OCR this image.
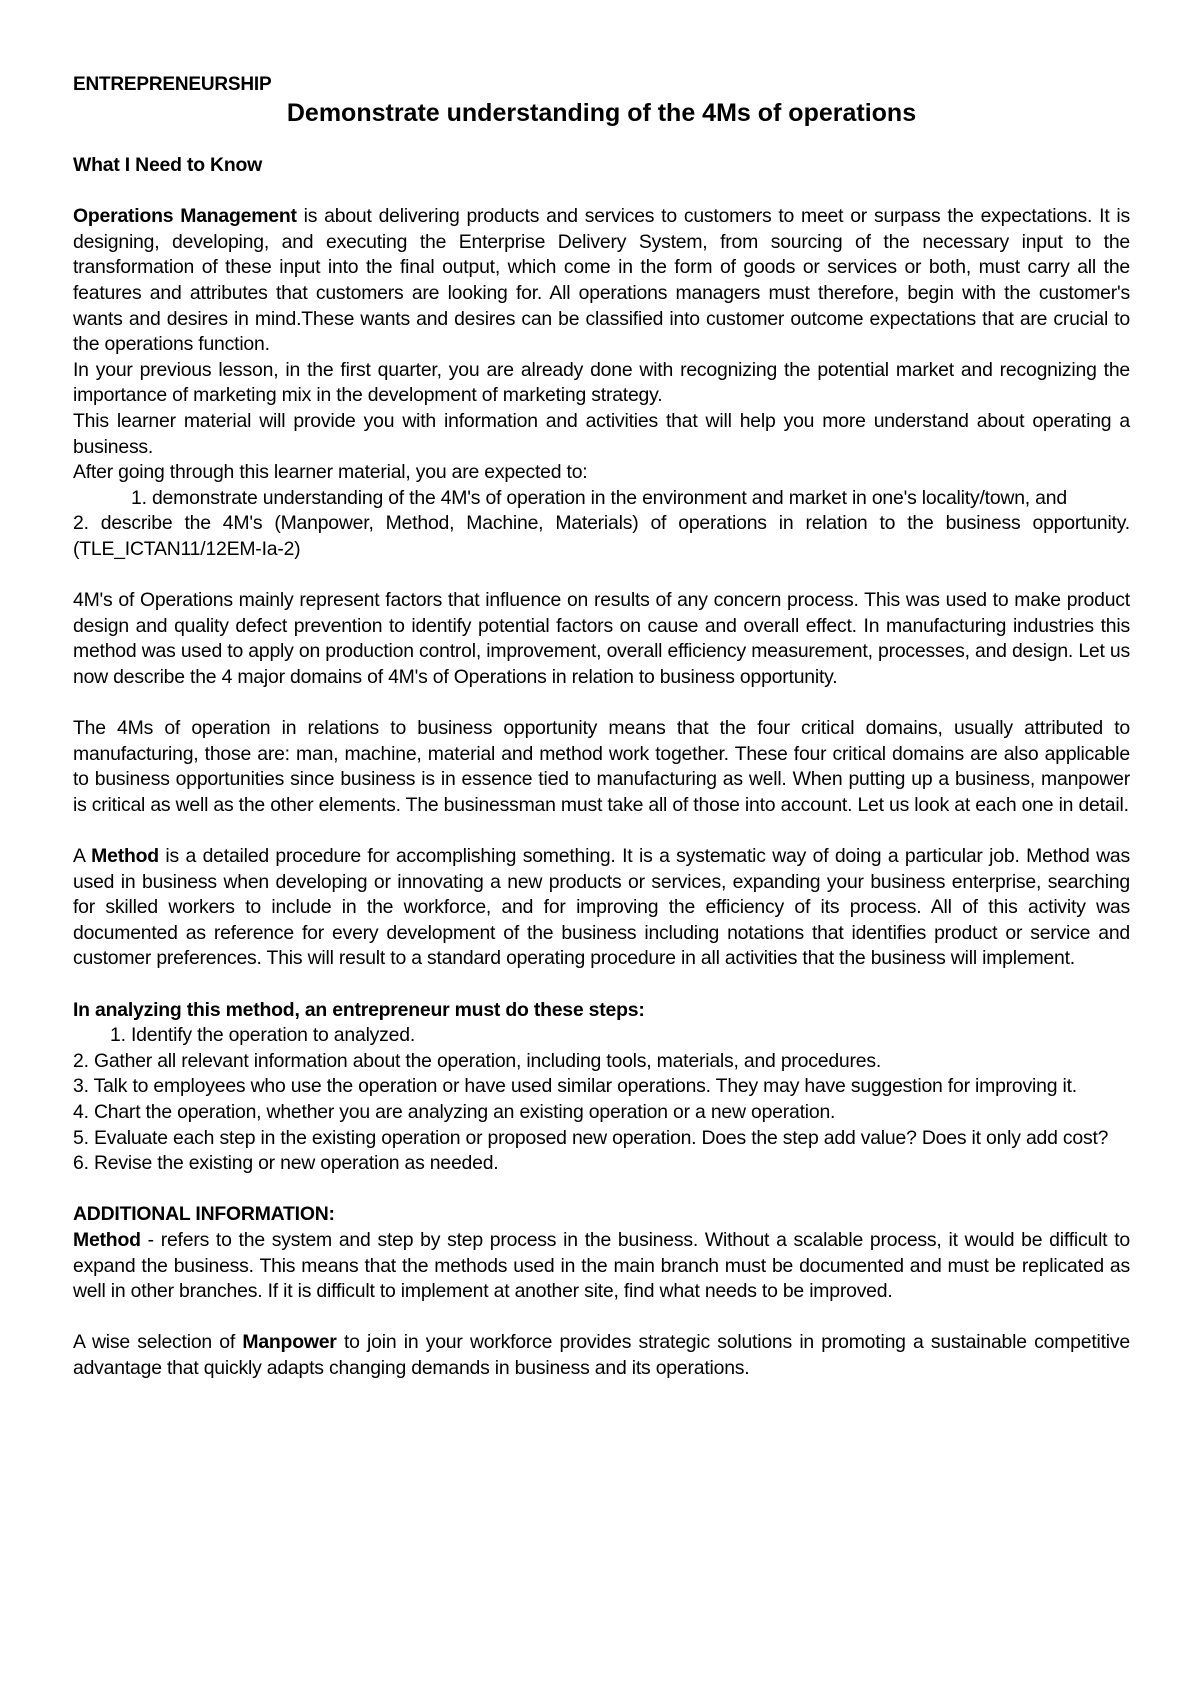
ENTREPRENEURSHIP
Demonstrate understanding of the 4Ms of operations
What I Need to Know

Operations Management is about delivering products and services to customers to meet or surpass the expectations. It is designing, developing, and executing the Enterprise Delivery System, from sourcing of the necessary input to the transformation of these input into the final output, which come in the form of goods or services or both, must carry all the features and attributes that customers are looking for. All operations managers must therefore, begin with the customer's wants and desires in mind.These wants and desires can be classified into customer outcome expectations that are crucial to the operations function.

In your previous lesson, in the first quarter, you are already done with recognizing the potential market and recognizing the importance of marketing mix in the development of marketing strategy.

This learner material will provide you with information and activities that will help you more understand about operating a business.

After going through this learner material, you are expected to:

1. demonstrate understanding of the 4M's of operation in the environment and market in one's locality/town, and

2. describe the 4M's (Manpower, Method, Machine, Materials) of operations in relation to the business opportunity. (TLE_ICTAN11/12EM-Ia-2)

4M's of Operations mainly represent factors that influence on results of any concern process. This was used to make product design and quality defect prevention to identify potential factors on cause and overall effect. In manufacturing industries this method was used to apply on production control, improvement, overall efficiency measurement, processes, and design. Let us now describe the 4 major domains of 4M's of Operations in relation to business opportunity.

The 4Ms of operation in relations to business opportunity means that the four critical domains, usually attributed to manufacturing, those are: man, machine, material and method work together. These four critical domains are also applicable to business opportunities since business is in essence tied to manufacturing as well. When putting up a business, manpower is critical as well as the other elements. The businessman must take all of those into account. Let us look at each one in detail.

A Method is a detailed procedure for accomplishing something. It is a systematic way of doing a particular job. Method was used in business when developing or innovating a new products or services, expanding your business enterprise, searching for skilled workers to include in the workforce, and for improving the efficiency of its process. All of this activity was documented as reference for every development of the business including notations that identifies product or service and customer preferences. This will result to a standard operating procedure in all activities that the business will implement.

In analyzing this method, an entrepreneur must do these steps:

1. Identify the operation to analyzed.

2. Gather all relevant information about the operation, including tools, materials, and procedures.

3. Talk to employees who use the operation or have used similar operations. They may have suggestion for improving it.

4. Chart the operation, whether you are analyzing an existing operation or a new operation.

5. Evaluate each step in the existing operation or proposed new operation. Does the step add value? Does it only add cost?

6. Revise the existing or new operation as needed.

ADDITIONAL INFORMATION:

Method - refers to the system and step by step process in the business. Without a scalable process, it would be difficult to expand the business. This means that the methods used in the main branch must be documented and must be replicated as well in other branches. If it is difficult to implement at another site, find what needs to be improved.

A wise selection of Manpower to join in your workforce provides strategic solutions in promoting a sustainable competitive advantage that quickly adapts changing demands in business and its operations.
